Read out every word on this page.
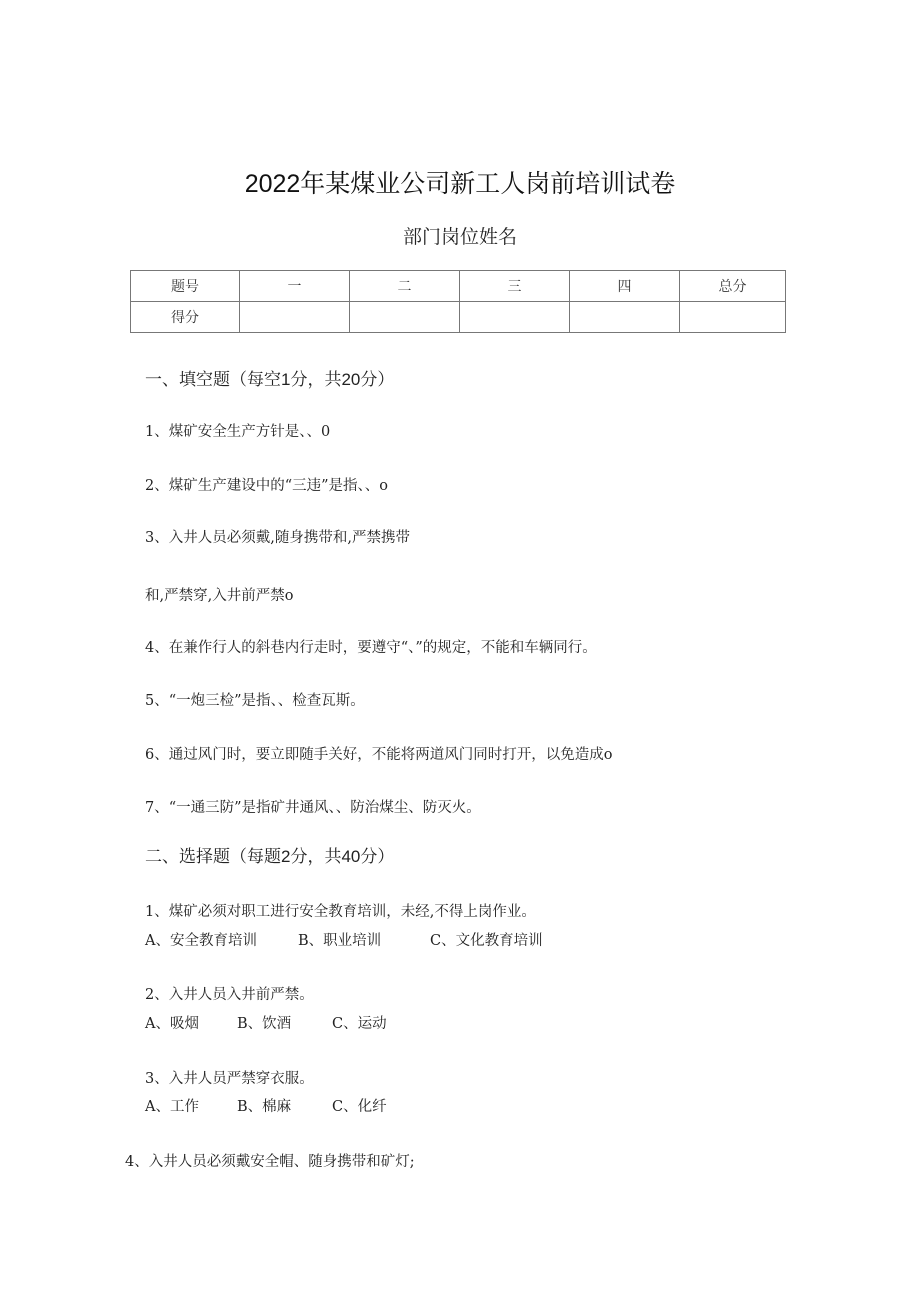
2022年某煤业公司新工人岗前培训试卷
部门岗位姓名
题号	一	二	三	四	总分
得分					
一、填空题（每空1分，共20分）
1、煤矿安全生产方针是、、0
2、煤矿生产建设中的“三违”是指、、o
3、入井人员必须戴,随身携带和,严禁携带
和,严禁穿,入井前严禁o
4、在兼作行人的斜巷内行走时，要遵守“、”的规定，不能和车辆同行。
5、“一炮三检”是指、、检查瓦斯。
6、通过风门时，要立即随手关好，不能将两道风门同时打开，以免造成o
7、“一通三防”是指矿井通风、、防治煤尘、防灭火。
二、选择题（每题2分，共40分）
1、煤矿必须对职工进行安全教育培训，未经,不得上岗作业。
A、安全教育培训	B、职业培训	C、文化教育培训
2、入井人员入井前严禁。
A、吸烟	B、饮酒	C、运动
3、入井人员严禁穿衣服。
A、工作	B、棉麻	C、化纤
4、入井人员必须戴安全帽、随身携带和矿灯;
